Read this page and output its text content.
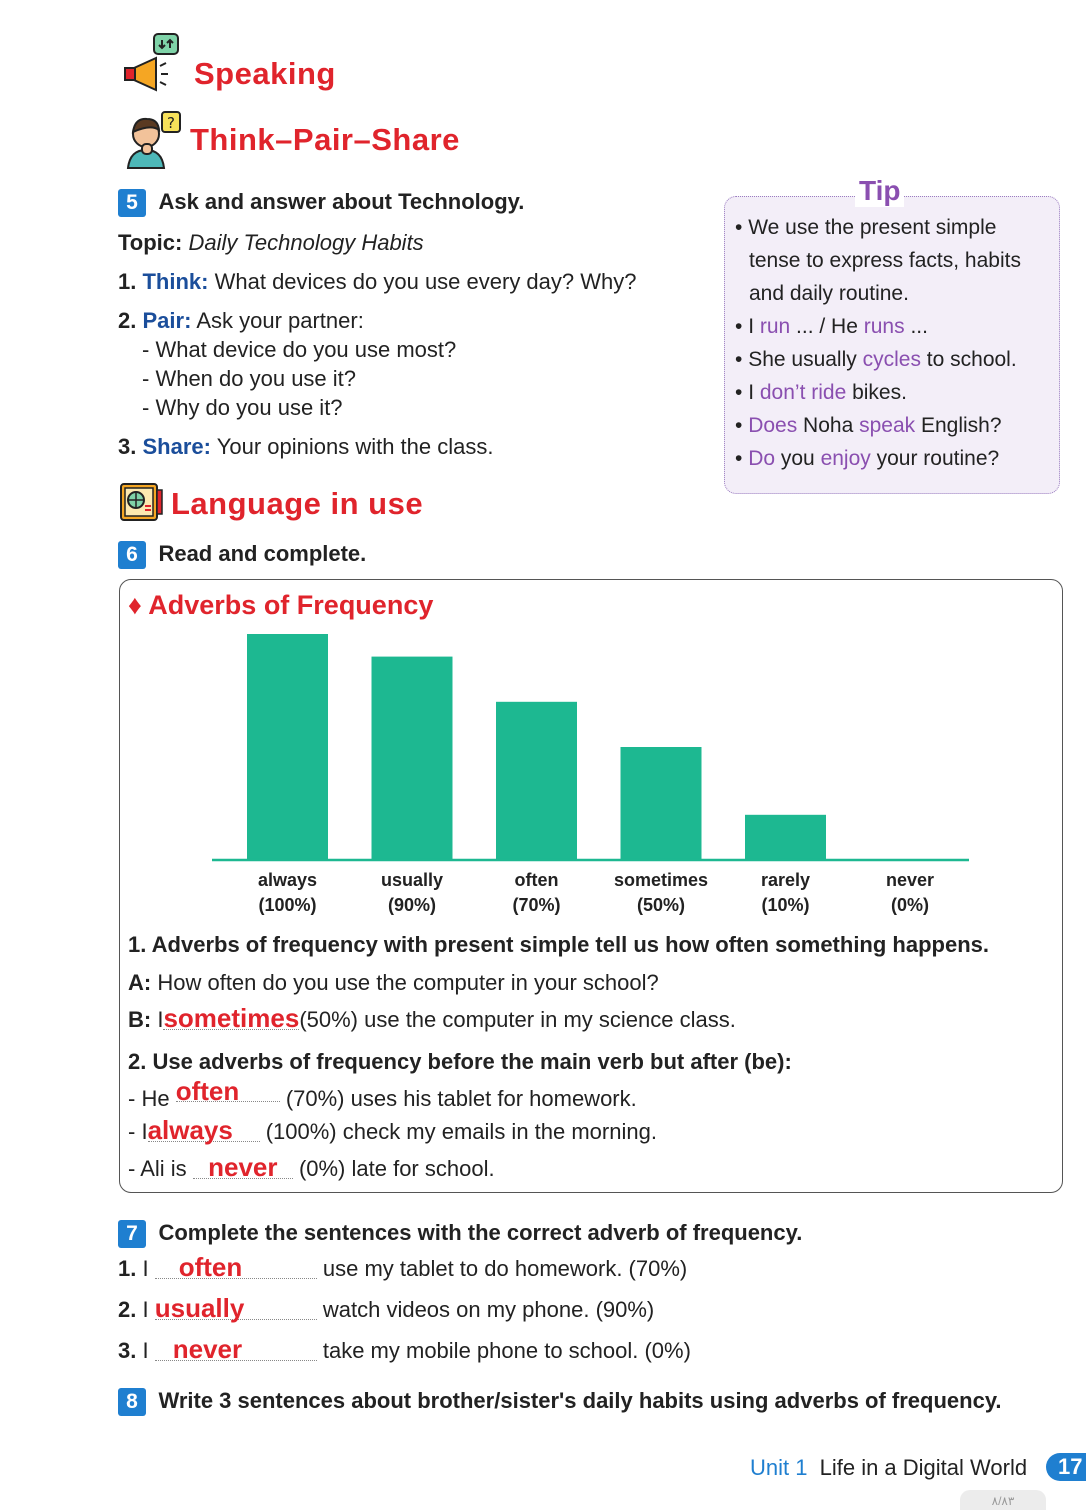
Speaking
? Think–Pair–Share
5 Ask and answer about Technology.
Topic: Daily Technology Habits
1. Think: What devices do you use every day? Why?
2. Pair: Ask your partner:
- What device do you use most?
- When do you use it?
- Why do you use it?
3. Share: Your opinions with the class.
Tip
• We use the present simple
tense to express facts, habits
and daily routine.
• I run ... / He runs ...
• She usually cycles to school.
• I don’t ride bikes.
• Does Noha speak English?
• Do you enjoy your routine?
Language in use
6 Read and complete.
♦ Adverbs of Frequency
always
(100%)
usually
(90%)
often
(70%)
sometimes
(50%)
rarely
(10%)
never
(0%)
1. Adverbs of frequency with present simple tell us how often something happens.
A: How often do you use the computer in your school?
B: Isometimes(50%) use the computer in my science class.
2. Use adverbs of frequency before the main verb but after (be):
- He often (70%) uses his tablet for homework.
- Ialways (100%) check my emails in the morning.
- Ali is never (0%) late for school.
7 Complete the sentences with the correct adverb of frequency.
1. I often	use my tablet to do homework. (70%)
2. I usually	watch videos on my phone. (90%)
3. I never	take my mobile phone to school. (0%)
8 Write 3 sentences about brother/sister's daily habits using adverbs of frequency.
Unit 1 Life in a Digital World	17
٨/٨٣
